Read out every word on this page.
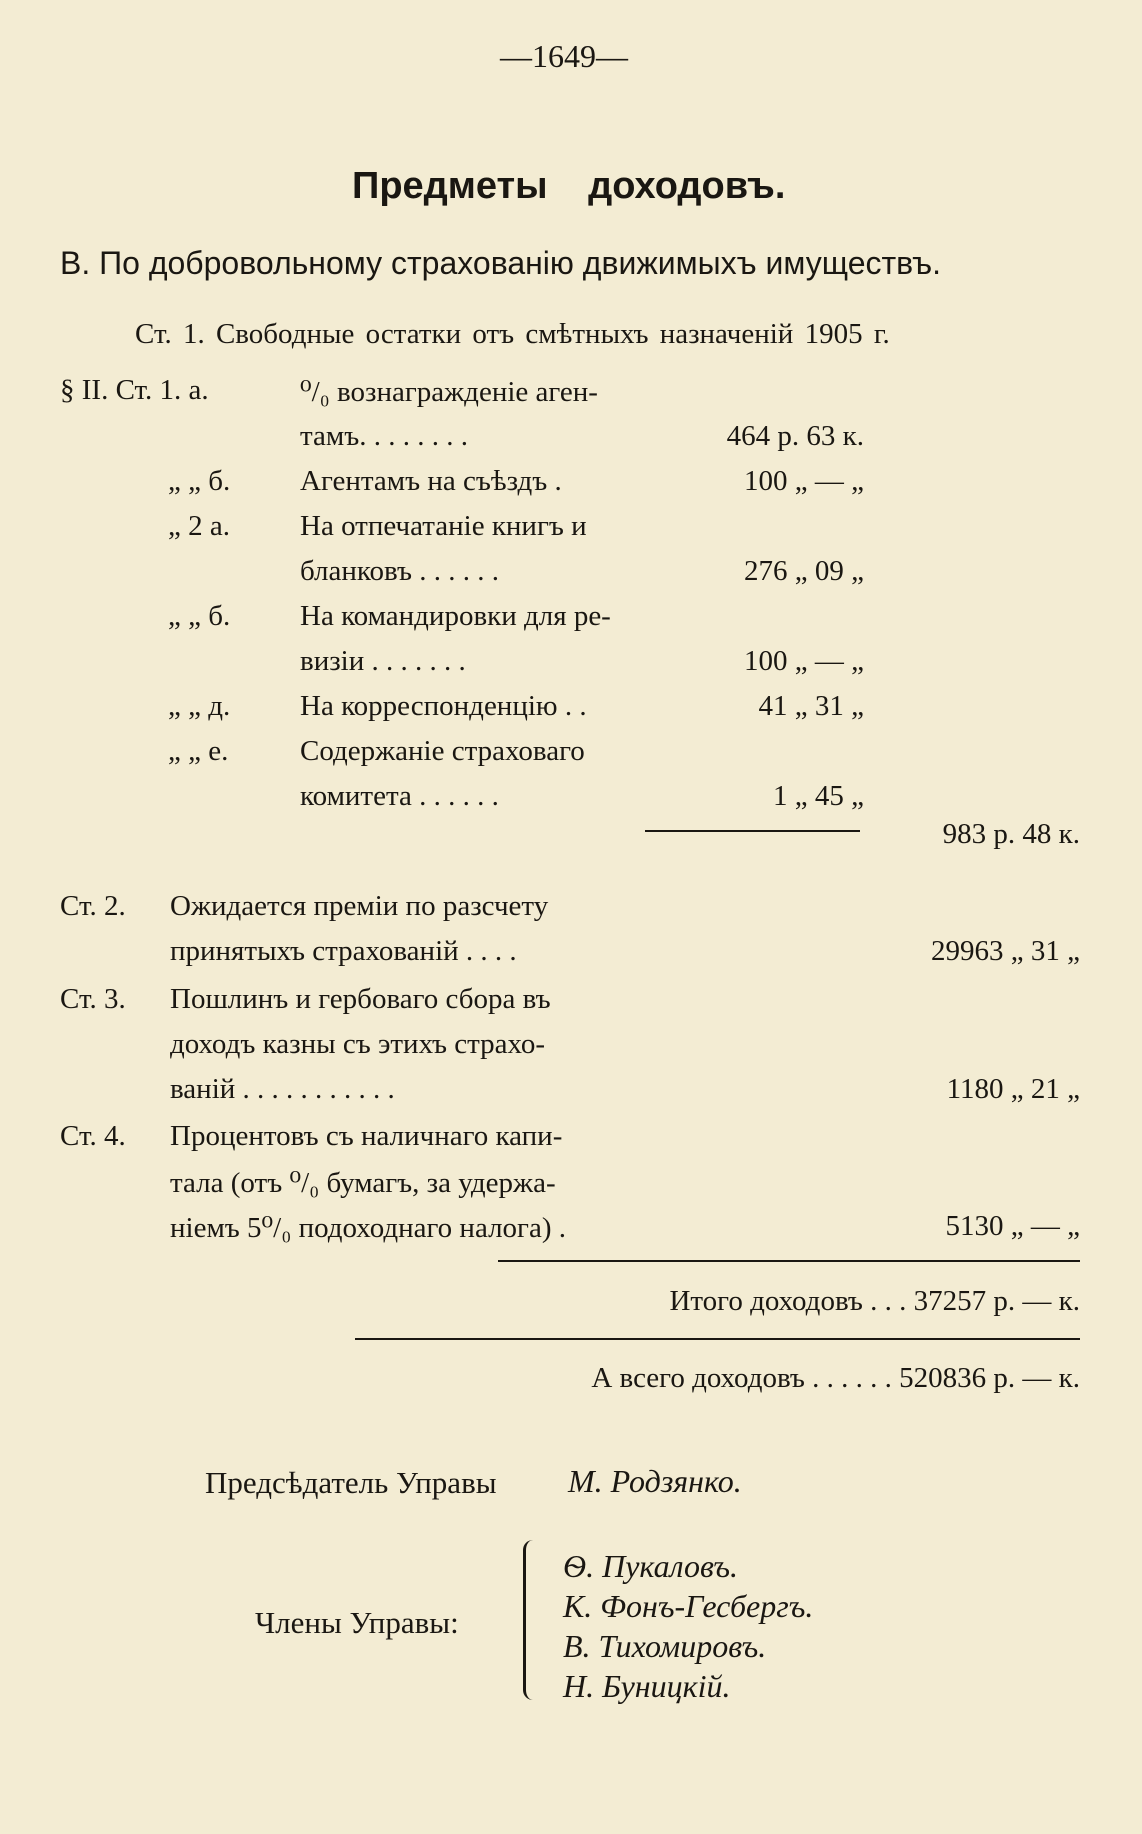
—1649—
Предметы доходовъ.
В. По добровольному страхованію движимыхъ имуществъ.
Ст. 1. Свободные остатки отъ смѣтныхъ назначеній 1905 г.
§ II. Ст. 1. а.	⁰/₀ вознагражденіе аген-
тамъ. . . . . . . .	464 р. 63 к.
„ „ б. Агентамъ на съѣздъ .	100 „ — „
„ 2 а. На отпечатаніе книгъ и
бланковъ . . . . . .	276 „ 09 „
„ „ б. На командировки для ре-
визіи . . . . . . .	100 „ — „
„ „ д. На корреспонденцію . .	41 „ 31 „
„ „ е. Содержаніе страховаго
комитета . . . . . .	1 „ 45 „
983 р. 48 к.
Ст. 2. Ожидается преміи по разсчету
принятыхъ страхованій . . . .	29963 „ 31 „
Ст. 3. Пошлинъ и гербоваго сбора въ
доходъ казны съ этихъ страхо-
ваній . . . . . . . . . . .	1180 „ 21 „
Ст. 4. Процентовъ съ наличнаго капи-
тала (отъ ⁰/₀ бумагъ, за удержа-
ніемъ 5⁰/₀ подоходнаго налога) .	5130 „ — „
Итого доходовъ . . . 37257 р. — к.
А всего доходовъ . . . . . . 520836 р. — к.
Предсѣдатель Управы М. Родзянко.
Члены Управы:
Ѳ. Пукаловъ.
К. Фонъ-Гесбергъ.
В. Тихомировъ.
Н. Буницкій.
